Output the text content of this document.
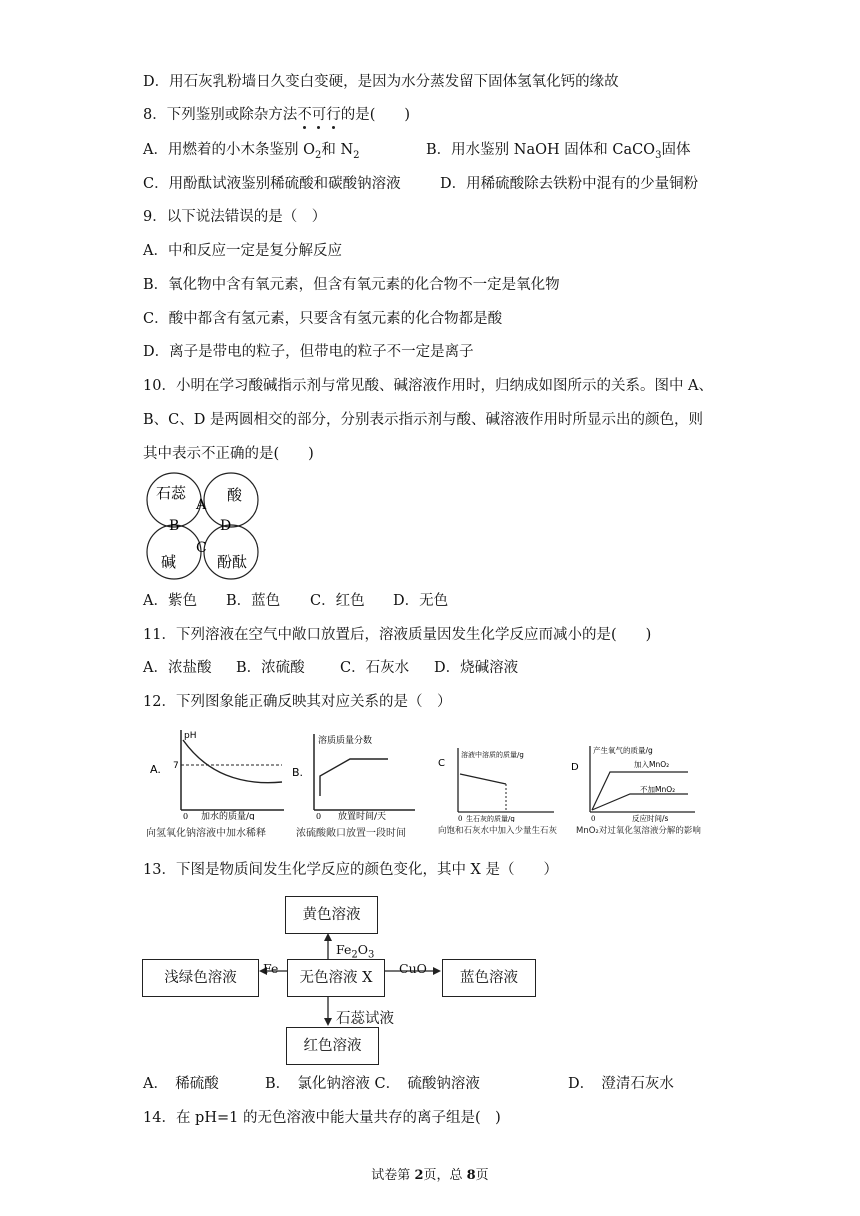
D．用石灰乳粉墙日久变白变硬，是因为水分蒸发留下固体氢氧化钙的缘故
8．下列鉴别或除杂方法不
可
行
的是(　　)
A．用燃着的小木条鉴别 $O_2$和 $N_2$	B．用水鉴别 NaOH 固体和 CaCO$_3$固体
C．用酚酞试液鉴别稀硫酸和碳酸钠溶液	D．用稀硫酸除去铁粉中混有的少量铜粉
9．以下说法错误的是（　）
A．中和反应一定是复分解反应
B．氧化物中含有氧元素，但含有氧元素的化合物不一定是氧化物
C．酸中都含有氢元素，只要含有氢元素的化合物都是酸
D．离子是带电的粒子，但带电的粒子不一定是离子
10．小明在学习酸碱指示剂与常见酸、碱溶液作用时，归纳成如图所示的关系。图中 A、
B、C、D 是两圆相交的部分，分别表示指示剂与酸、碱溶液作用时所显示出的颜色，则
其中表示不正确的是(　　)
石蕊	酸
碱	酚酞
A
B	D
C
A．紫色 B．蓝色 C．红色 D．无色
11．下列溶液在空气中敞口放置后，溶液质量因发生化学反应而减小的是(　　)
A．浓盐酸 B．浓硫酸 C．石灰水 D．烧碱溶液
12．下列图象能正确反映其对应关系的是（　）
A.
pH
7
0 加水的质量/g
向氢氧化钠溶液中加水稀释
B.
溶质质量分数
0 放置时间/天
浓硫酸敞口放置一段时间
C
溶液中溶质的质量/g
0 生石灰的质量/g
向饱和石灰水中加入少量生石灰
D
产生氧气的质量/g
加入MnO₂
不加MnO₂
0	反应时间/s
MnO₂对过氧化氢溶液分解的影响
13．下图是物质间发生化学反应的颜色变化，其中 X 是（　　）
黄色溶液
浅绿色溶液	无色溶液 X	蓝色溶液
红色溶液
$Fe_2O_3$
Fe	CuO
石蕊试液
A．　稀硫酸	B．　氯化钠溶液 C．　硫酸钠溶液	D．　澄清石灰水
14．在 pH=1 的无色溶液中能大量共存的离子组是(　)
试卷第 2页，总 8页
